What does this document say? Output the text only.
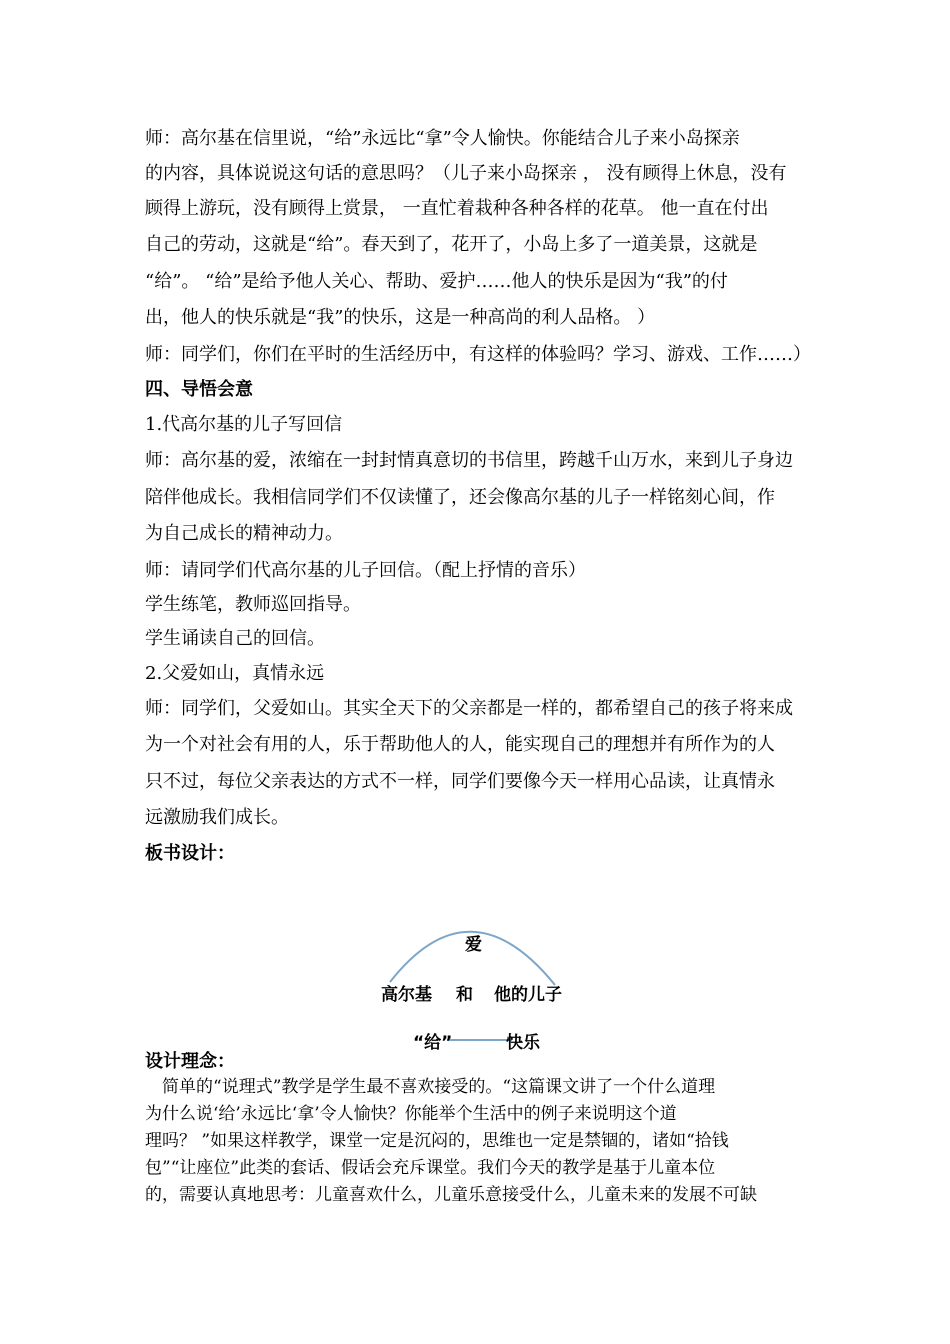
师：高尔基在信里说，“给”永远比“拿”令人愉快。你能结合儿子来小岛探亲
的内容，具体说说这句话的意思吗？（儿子来小岛探亲 ， 没有顾得上休息，没有
顾得上游玩，没有顾得上赏景， 一直忙着栽种各种各样的花草。 他一直在付出
自己的劳动，这就是“给”。春天到了，花开了，小岛上多了一道美景，这就是
“给”。 “给”是给予他人关心、帮助、爱护……他人的快乐是因为“我”的付
出，他人的快乐就是“我”的快乐，这是一种高尚的利人品格。 ）
师：同学们，你们在平时的生活经历中，有这样的体验吗？学习、游戏、工作……）
四、导悟会意
1.代高尔基的儿子写回信
师：高尔基的爱，浓缩在一封封情真意切的书信里，跨越千山万水，来到儿子身边
陪伴他成长。我相信同学们不仅读懂了，还会像高尔基的儿子一样铭刻心间，作
为自己成长的精神动力。
师：请同学们代高尔基的儿子回信。（配上抒情的音乐）
学生练笔，教师巡回指导。
学生诵读自己的回信。
2.父爱如山，真情永远
师：同学们，父爱如山。其实全天下的父亲都是一样的，都希望自己的孩子将来成
为一个对社会有用的人，乐于帮助他人的人，能实现自己的理想并有所作为的人
只不过，每位父亲表达的方式不一样，同学们要像今天一样用心品读，让真情永
远激励我们成长。
板书设计：
爱
高尔基 和 他的儿子
“给”	快乐
设计理念：
　简单的“说理式”教学是学生最不喜欢接受的。“这篇课文讲了一个什么道理
为什么说‘给’永远比‘拿’令人愉快？你能举个生活中的例子来说明这个道
理吗？ ”如果这样教学，课堂一定是沉闷的，思维也一定是禁锢的，诸如“拾钱
包”“让座位”此类的套话、假话会充斥课堂。我们今天的教学是基于儿童本位
的，需要认真地思考：儿童喜欢什么，儿童乐意接受什么，儿童未来的发展不可缺
